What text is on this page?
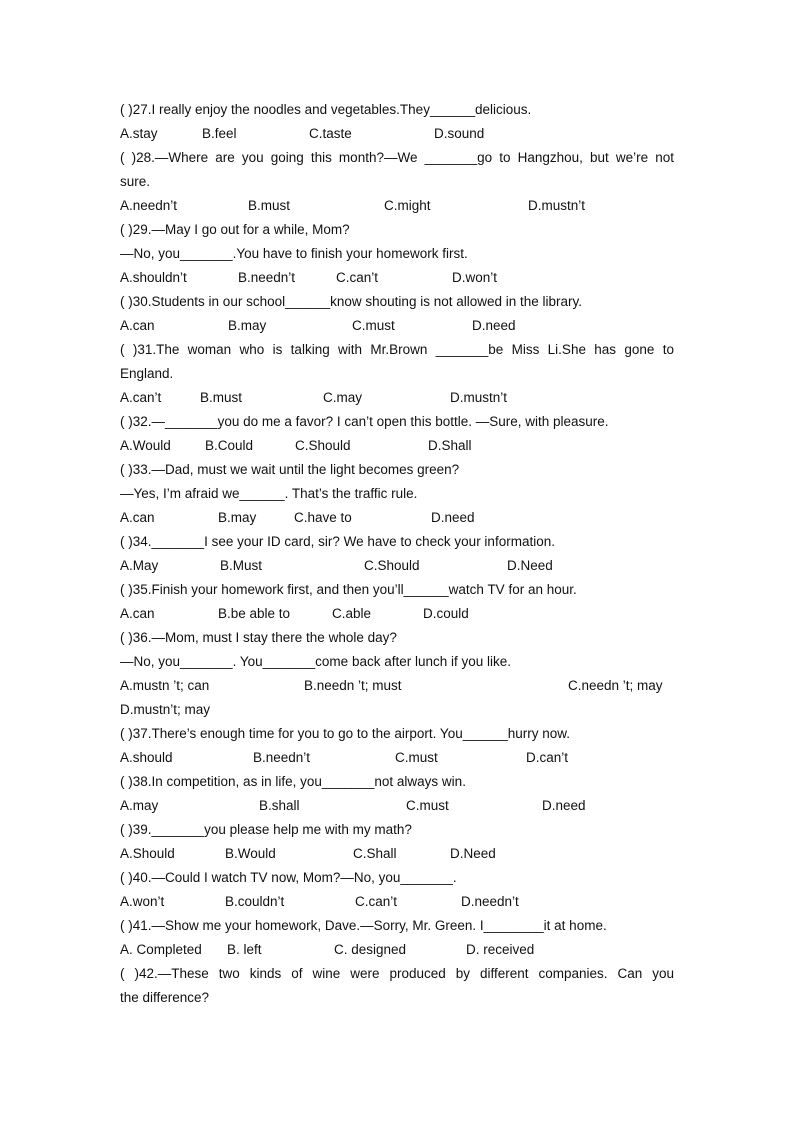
( )27.I really enjoy the noodles and vegetables.They______delicious.
A.stay	B.feel	C.taste	D.sound
( )28.—Where are you going this month?—We _______go to Hangzhou, but we’re not
sure.
A.needn’t	B.must	C.might	D.mustn’t
( )29.—May I go out for a while, Mom?
—No, you_______.You have to finish your homework first.
A.shouldn’t	B.needn’t	C.can’t	D.won’t
( )30.Students in our school______know shouting is not allowed in the library.
A.can	B.may	C.must	D.need
( )31.The woman who is talking with Mr.Brown _______be Miss Li.She has gone to
England.
A.can’t	B.must	C.may	D.mustn’t
( )32.—_______you do me a favor? I can’t open this bottle. —Sure, with pleasure.
A.Would	B.Could	C.Should	D.Shall
( )33.—Dad, must we wait until the light becomes green?
—Yes, I’m afraid we______. That’s the traffic rule.
A.can	B.may	C.have to	D.need
( )34._______I see your ID card, sir? We have to check your information.
A.May	B.Must	C.Should	D.Need
( )35.Finish your homework first, and then you’ll______watch TV for an hour.
A.can	B.be able to	C.able	D.could
( )36.—Mom, must I stay there the whole day?
—No, you_______. You_______come back after lunch if you like.
A.mustn ’t; can	B.needn ’t; must	C.needn ’t; may
D.mustn’t; may
( )37.There’s enough time for you to go to the airport. You______hurry now.
A.should	B.needn’t	C.must	D.can’t
( )38.In competition, as in life, you_______not always win.
A.may	B.shall	C.must	D.need
( )39._______you please help me with my math?
A.Should	B.Would	C.Shall	D.Need
( )40.—Could I watch TV now, Mom?—No, you_______.
A.won’t	B.couldn’t	C.can’t	D.needn’t
( )41.—Show me your homework, Dave.—Sorry, Mr. Green. I________it at home.
A. Completed B. left	C. designed	D. received
( )42.—These two kinds of wine were produced by different companies. Can you
the difference?
